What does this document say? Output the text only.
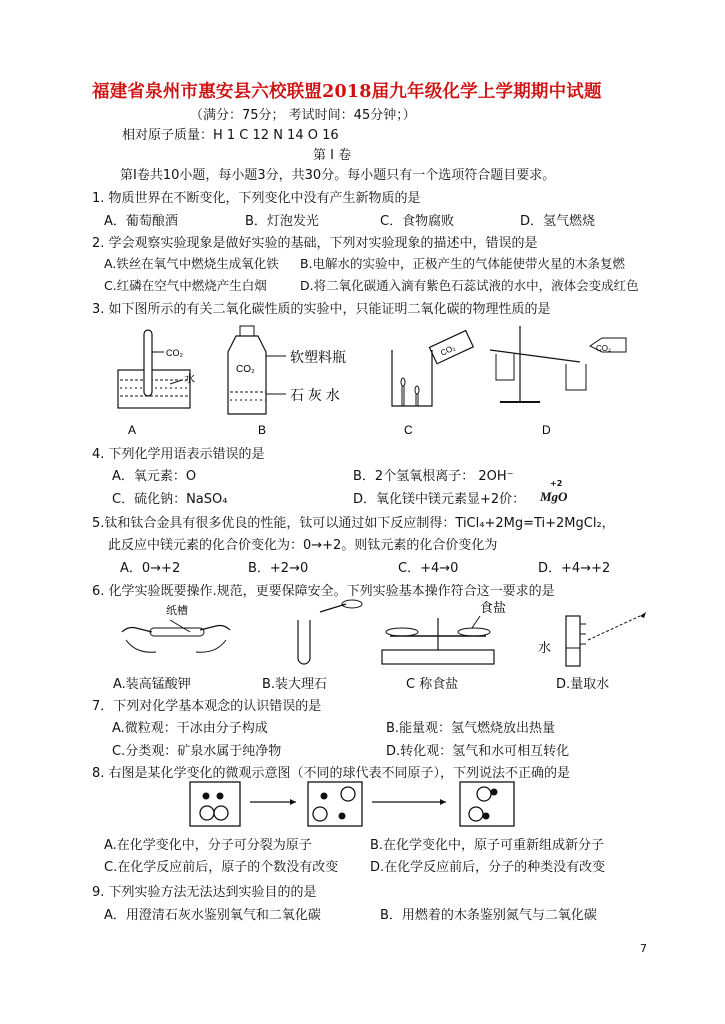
福建省泉州市惠安县六校联盟2018届九年级化学上学期期中试题
（满分：75分； 考试时间：45分钟；）
相对原子质量：H 1 C 12 N 14 O 16
第 I 卷
第I卷共10小题，每小题3分，共30分。每小题只有一个选项符合题目要求。
1. 物质世界在不断变化，下列变化中没有产生新物质的是
A．葡萄酿酒	B．灯泡发光	C．食物腐败	D．氢气燃烧
2. 学会观察实验现象是做好实验的基础，下列对实验现象的描述中，错误的是
A.铁丝在氧气中燃烧生成氧化铁 B.电解水的实验中，正极产生的气体能使带火星的木条复燃
C.红磷在空气中燃烧产生白烟	D.将二氧化碳通入滴有紫色石蕊试液的水中，液体会变成红色
3. 如下图所示的有关二氧化碳性质的实验中，只能证明二氧化碳的物理性质的是
CO₂
水
CO₂
软塑料瓶
石 灰 水
CO₂	CO₂
A	B	C	D
4. 下列化学用语表示错误的是
A．氧元素：O	B．2个氢氧根离子： 2OH⁻
C．硫化钠：NaSO₄	D．氧化镁中镁元素显+2价：
+2
MgO
5.钛和钛合金具有很多优良的性能，钛可以通过如下反应制得：TiCl₄+2Mg=Ti+2MgCl₂，
此反应中镁元素的化合价变化为：0→+2。则钛元素的化合价变化为
A．0→+2	B．+2→0	C．+4→0	D．+4→+2
6. 化学实验既要操作.规范，更要保障安全。下列实验基本操作符合这一要求的是
纸槽	食盐
水
A.装高锰酸钾	B.装大理石	C 称食盐	D.量取水
7．下列对化学基本观念的认识错误的是
A.微粒观：干冰由分子构成	B.能量观：氢气燃烧放出热量
C.分类观：矿泉水属于纯净物	D.转化观：氢气和水可相互转化
8. 右图是某化学变化的微观示意图（不同的球代表不同原子），下列说法不正确的是
A.在化学变化中，分子可分裂为原子	B.在化学变化中，原子可重新组成新分子
C.在化学反应前后，原子的个数没有改变 D.在化学反应前后，分子的种类没有改变
9. 下列实验方法无法达到实验目的的是
A．用澄清石灰水鉴别氧气和二氧化碳	B．用燃着的木条鉴别氮气与二氧化碳
7
